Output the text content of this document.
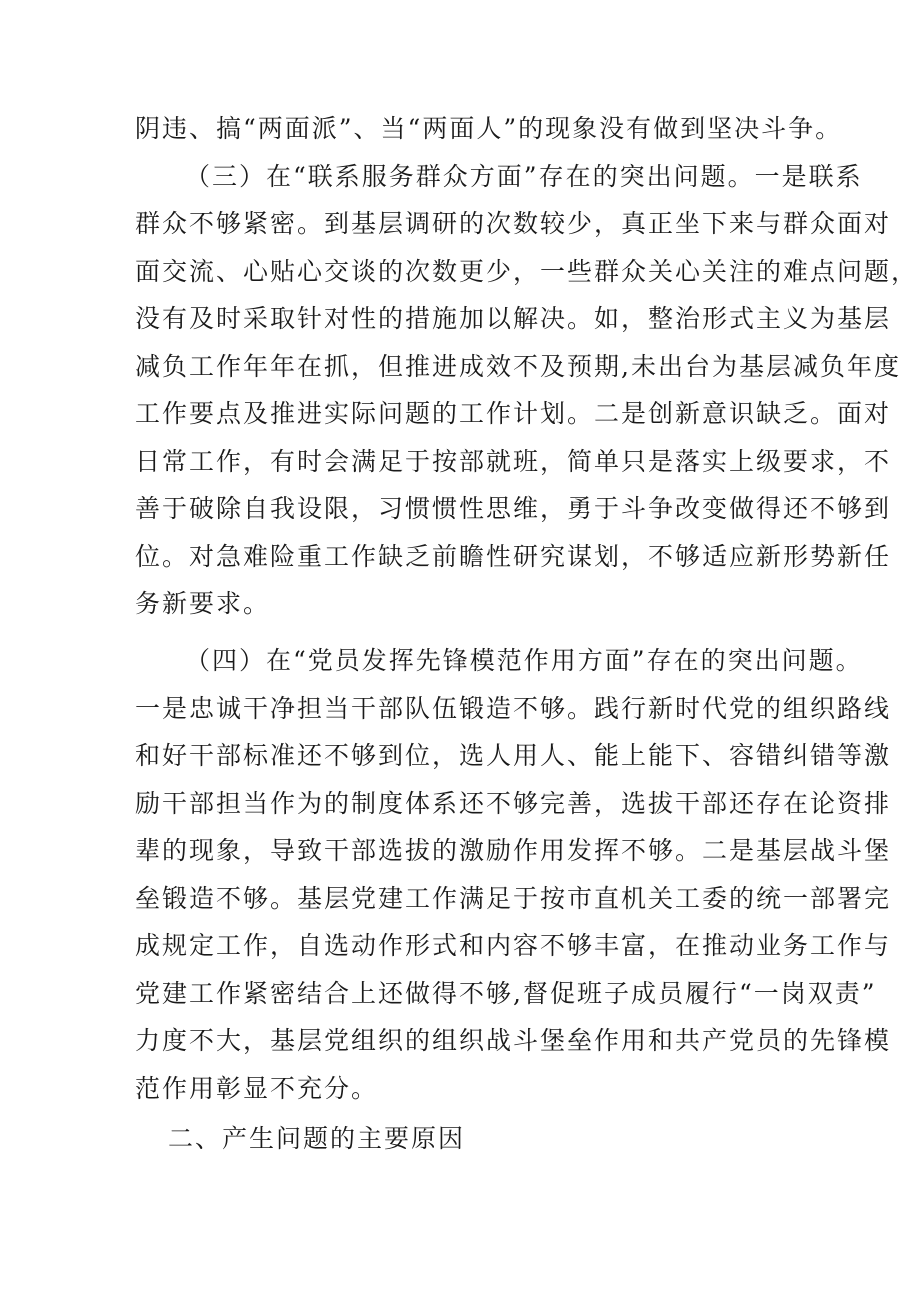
阴违、搞“两面派”、当“两面人”的现象没有做到坚决斗争。
（三）在“联系服务群众方面”存在的突出问题。一是联系
群众不够紧密。到基层调研的次数较少，真正坐下来与群众面对
面交流、心贴心交谈的次数更少，一些群众关心关注的难点问题，
没有及时采取针对性的措施加以解决。如，整治形式主义为基层
减负工作年年在抓，但推进成效不及预期,未出台为基层减负年度
工作要点及推进实际问题的工作计划。二是创新意识缺乏。面对
日常工作，有时会满足于按部就班，简单只是落实上级要求，不
善于破除自我设限，习惯惯性思维，勇于斗争改变做得还不够到
位。对急难险重工作缺乏前瞻性研究谋划，不够适应新形势新任
务新要求。
（四）在“党员发挥先锋模范作用方面”存在的突出问题。
一是忠诚干净担当干部队伍锻造不够。践行新时代党的组织路线
和好干部标准还不够到位，选人用人、能上能下、容错纠错等激
励干部担当作为的制度体系还不够完善，选拔干部还存在论资排
辈的现象，导致干部选拔的激励作用发挥不够。二是基层战斗堡
垒锻造不够。基层党建工作满足于按市直机关工委的统一部署完
成规定工作，自选动作形式和内容不够丰富，在推动业务工作与
党建工作紧密结合上还做得不够,督促班子成员履行“一岗双责”
力度不大，基层党组织的组织战斗堡垒作用和共产党员的先锋模
范作用彰显不充分。
二、产生问题的主要原因
